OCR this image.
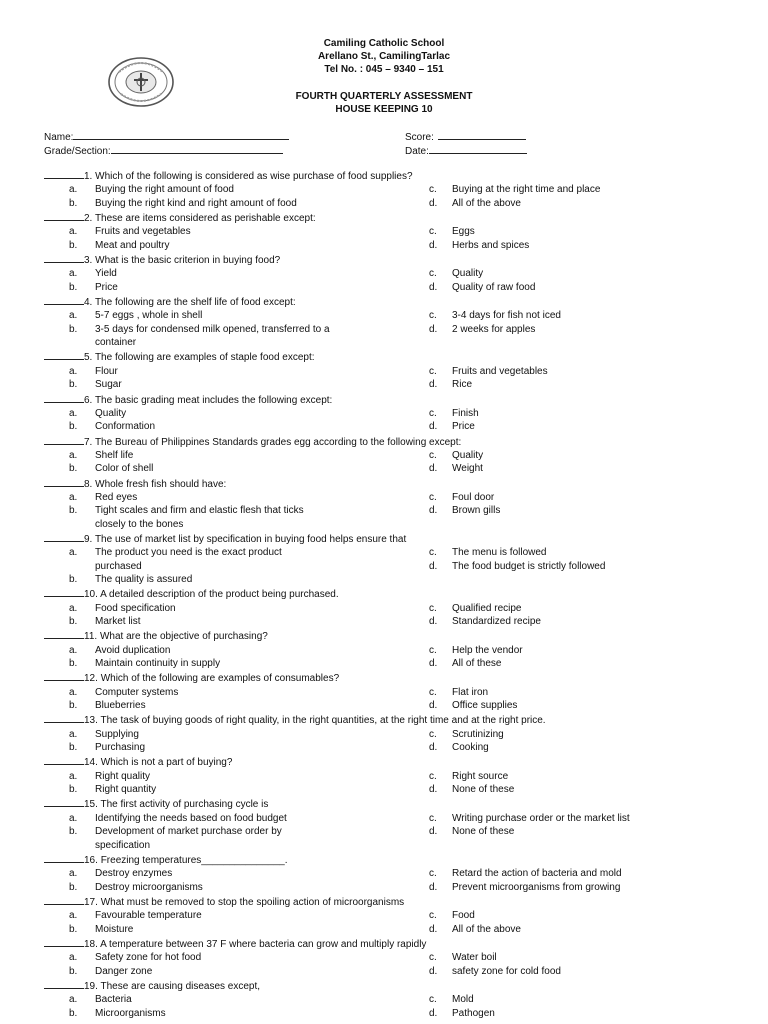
Camiling Catholic School
Arellano St., CamilingTarlac
Tel No. : 045 – 9340 – 151
FOURTH QUARTERLY ASSESSMENT
HOUSE KEEPING 10
Name:
Grade/Section:
Score:
Date:
1. Which of the following is considered as wise purchase of food supplies?
a.	Buying the right amount of food	c.	Buying at the right time and place
b.	Buying the right kind and right amount of food	d.	All of the above
2. These are items considered as perishable except:
a.	Fruits and vegetables	c.	Eggs
b.	Meat and poultry	d.	Herbs and spices
3. What is the basic criterion in buying food?
a.	Yield	c.	Quality
b.	Price	d.	Quality of raw food
4. The following are the shelf life of food except:
a.	5-7 eggs , whole in shell	c.	3-4 days for fish not iced
b.	3-5 days for condensed milk opened, transferred to a	d.	2 weeks for apples
container
5. The following are examples of staple food except:
a.	Flour	c.	Fruits and vegetables
b.	Sugar	d.	Rice
6. The basic grading meat includes the following except:
a.	Quality	c.	Finish
b.	Conformation	d.	Price
7. The Bureau of Philippines Standards grades egg according to the following except:
a.	Shelf life	c.	Quality
b.	Color of shell	d.	Weight
8. Whole fresh fish should have:
a.	Red eyes	c.	Foul door
b.	Tight scales and firm and elastic flesh that ticks	d.	Brown gills
closely to the bones
9. The use of market list by specification in buying food helps ensure that
a.	The product you need is the exact product	c.	The menu is followed
purchased	d.	The food budget is strictly followed
b.	The quality is assured
10. A detailed description of the product being purchased.
a.	Food specification	c.	Qualified recipe
b.	Market list	d.	Standardized recipe
11. What are the objective of purchasing?
a.	Avoid duplication	c.	Help the vendor
b.	Maintain continuity in supply	d.	All of these
12. Which of the following are examples of consumables?
a.	Computer systems	c.	Flat iron
b.	Blueberries	d.	Office supplies
13. The task of buying goods of right quality, in the right quantities, at the right time and at the right price.
a.	Supplying	c.	Scrutinizing
b.	Purchasing	d.	Cooking
14. Which is not a part of buying?
a.	Right quality	c.	Right source
b.	Right quantity	d.	None of these
15. The first activity of purchasing cycle is
a.	Identifying the needs based on food budget	c.	Writing purchase order or the market list
b.	Development of market purchase order by	d.	None of these
specification
16. Freezing temperatures_______________.
a.	Destroy enzymes	c.	Retard the action of bacteria and mold
b.	Destroy microorganisms	d.	Prevent microorganisms from growing
17. What must be removed to stop the spoiling action of microorganisms
a.	Favourable temperature	c.	Food
b.	Moisture	d.	All of the above
18. A temperature between 37 F where bacteria can grow and multiply rapidly
a.	Safety zone for hot food	c.	Water boil
b.	Danger zone	d.	safety zone for cold food
19. These are causing diseases except,
a.	Bacteria	c.	Mold
b.	Microorganisms	d.	Pathogen
